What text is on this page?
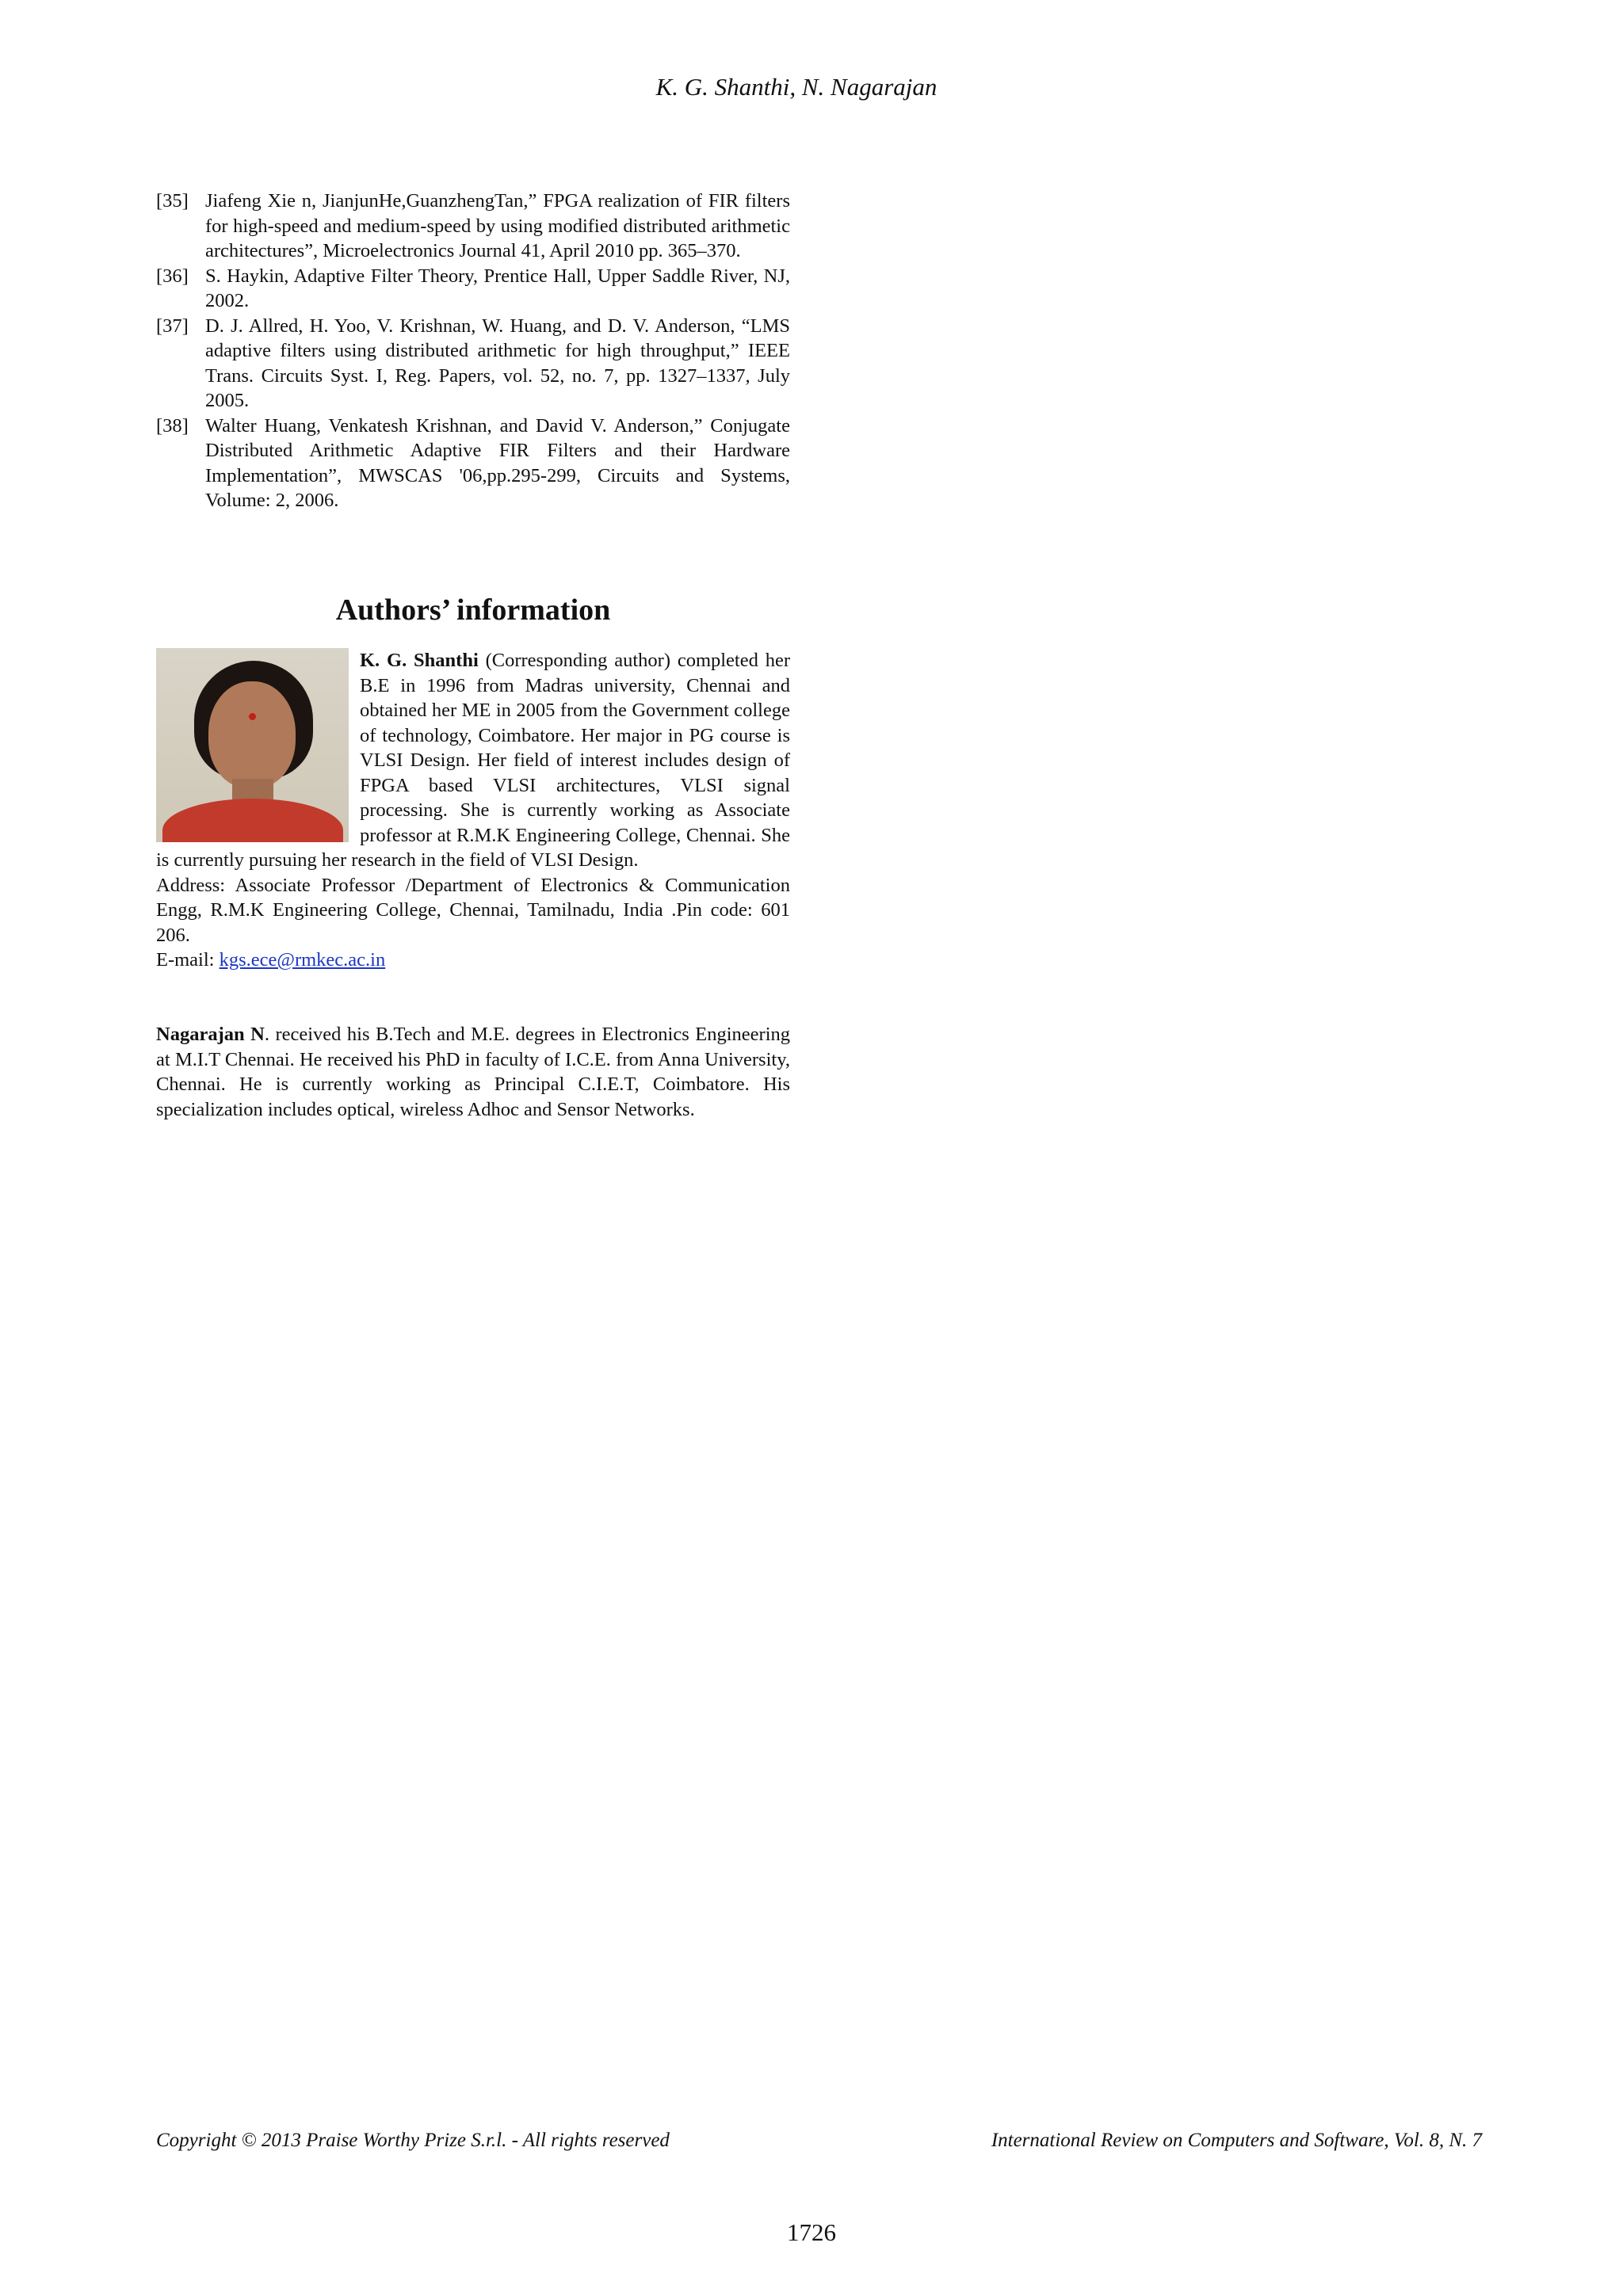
K. G. Shanthi, N. Nagarajan
[35] Jiafeng Xie n, JianjunHe,GuanzhengTan,” FPGA realization of FIR filters for high-speed and medium-speed by using modified distributed arithmetic architectures”, Microelectronics Journal 41, April 2010 pp. 365–370.
[36] S. Haykin, Adaptive Filter Theory, Prentice Hall, Upper Saddle River, NJ, 2002.
[37] D. J. Allred, H. Yoo, V. Krishnan, W. Huang, and D. V. Anderson, “LMS adaptive filters using distributed arithmetic for high throughput,” IEEE Trans. Circuits Syst. I, Reg. Papers, vol. 52, no. 7, pp. 1327–1337, July 2005.
[38] Walter Huang, Venkatesh Krishnan, and David V. Anderson,” Conjugate Distributed Arithmetic Adaptive FIR Filters and their Hardware Implementation”, MWSCAS '06,pp.295-299, Circuits and Systems, Volume: 2, 2006.
Authors’ information
K. G. Shanthi (Corresponding author) completed her B.E in 1996 from Madras university, Chennai and obtained her ME in 2005 from the Government college of technology, Coimbatore. Her major in PG course is VLSI Design. Her field of interest includes design of FPGA based VLSI architectures, VLSI signal processing. She is currently working as Associate professor at R.M.K Engineering College, Chennai. She is currently pursuing her research in the field of VLSI Design.
Address: Associate Professor /Department of Electronics & Communication Engg, R.M.K Engineering College, Chennai, Tamilnadu, India .Pin code: 601 206.
E-mail: kgs.ece@rmkec.ac.in
Nagarajan N. received his B.Tech and M.E. degrees in Electronics Engineering at M.I.T Chennai. He received his PhD in faculty of I.C.E. from Anna University, Chennai. He is currently working as Principal C.I.E.T, Coimbatore. His specialization includes optical, wireless Adhoc and Sensor Networks.
Copyright © 2013 Praise Worthy Prize S.r.l. - All rights reserved	International Review on Computers and Software, Vol. 8, N. 7
1726
